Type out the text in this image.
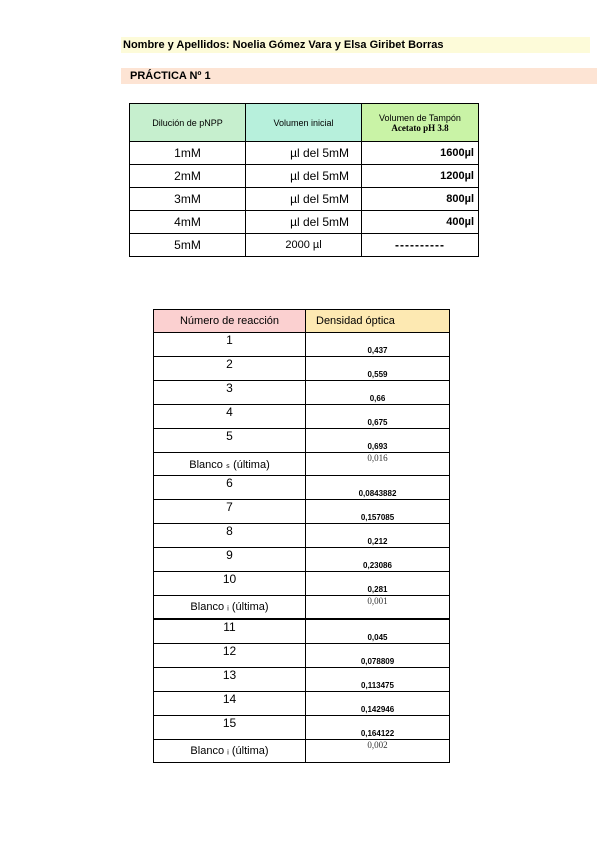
Nombre y Apellidos: Noelia Gómez Vara y Elsa Giribet Borras
PRÁCTICA Nº 1
Dilución de pNPP	Volumen inicial	Volumen de Tampón
Acetato pH 3.8

1mM	µl del 5mM	1600µl
2mM	µl del 5mM	1200µl
3mM	µl del 5mM	800µl
4mM	µl del 5mM	400µl
5mM	2000 µl	----------
Número de reacción	Densidad óptica
1	0,437
2	0,559
3	0,66
4	0,675
5	0,693
Blanco ₛ (última)	0,016
6	0,0843882
7	0,157085
8	0,212
9	0,23086
10	0,281
Blanco ᵢ (última)	0,001
11	0,045
12	0,078809
13	0,113475
14	0,142946
15	0,164122
Blanco ᵢ (última)	0,002
